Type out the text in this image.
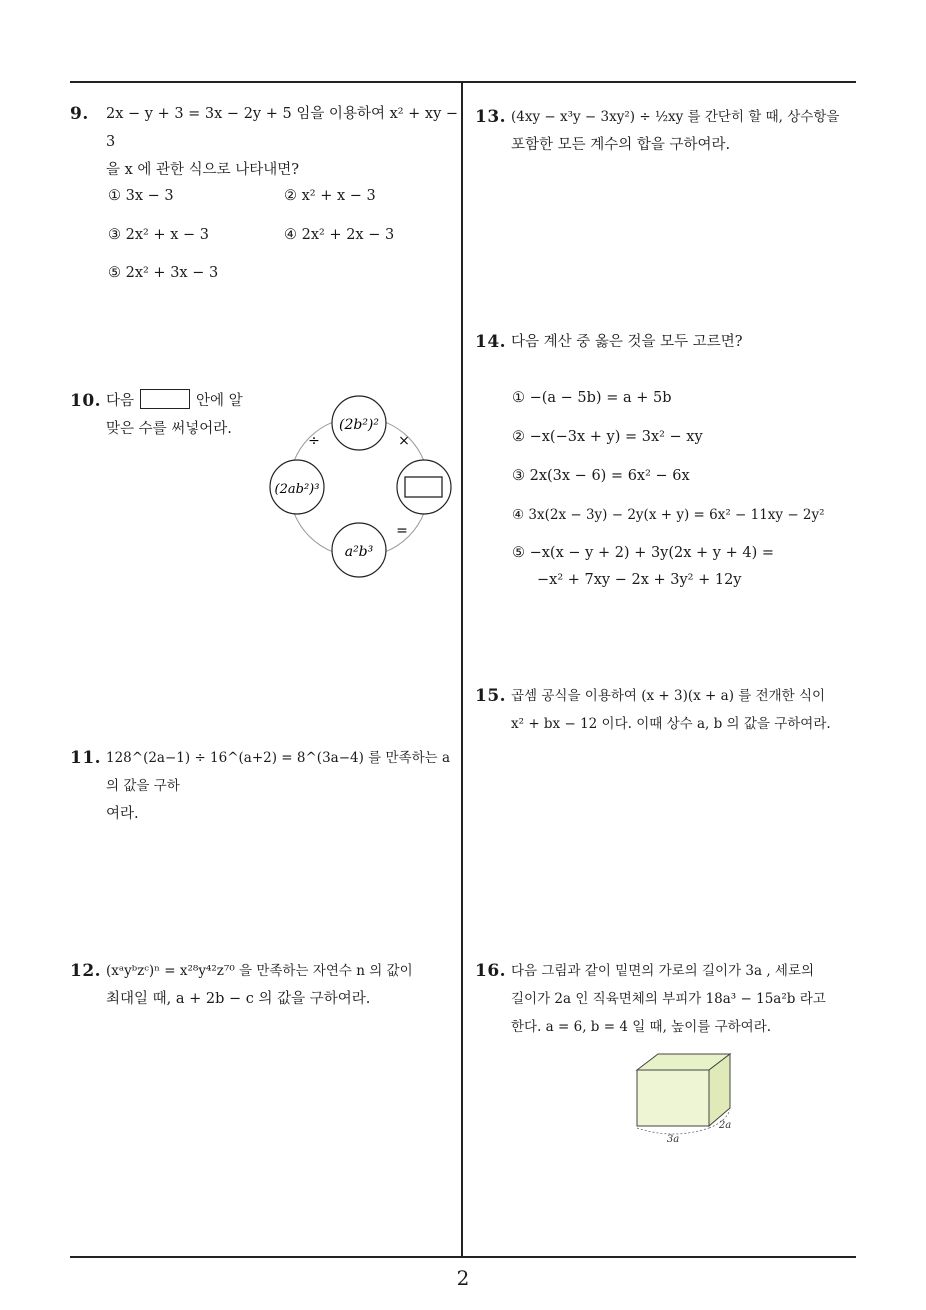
9. 2x − y + 3 = 3x − 2y + 5 임을 이용하여 x² + xy − 3
을 x 에 관한 식으로 나타내면?
① 3x − 3	② x² + x − 3
③ 2x² + x − 3	④ 2x² + 2x − 3
⑤ 2x² + 3x − 3
10. 다음	안에 알
맞은 수를 써넣어라.	(2b²)²
(2ab²)³
a²b³
÷	×
=
11. 128^(2a−1) ÷ 16^(a+2) = 8^(3a−4) 를 만족하는 a 의 값을 구하
여라.
12. (xᵃyᵇzᶜ)ⁿ = x²⁸y⁴²z⁷⁰ 을 만족하는 자연수 n 의 값이
최대일 때, a + 2b − c 의 값을 구하여라.
13. (4xy − x³y − 3xy²) ÷ ½xy 를 간단히 할 때, 상수항을
포함한 모든 계수의 합을 구하여라.
14. 다음 계산 중 옳은 것을 모두 고르면?
① −(a − 5b) = a + 5b
② −x(−3x + y) = 3x² − xy
③ 2x(3x − 6) = 6x² − 6x
④ 3x(2x − 3y) − 2y(x + y) = 6x² − 11xy − 2y²
⑤ −x(x − y + 2) + 3y(2x + y + 4) =
−x² + 7xy − 2x + 3y² + 12y
15. 곱셈 공식을 이용하여 (x + 3)(x + a) 를 전개한 식이
x² + bx − 12 이다. 이때 상수 a, b 의 값을 구하여라.
16. 다음 그림과 같이 밑면의 가로의 길이가 3a , 세로의
길이가 2a 인 직육면체의 부피가 18a³ − 15a²b 라고
한다. a = 6, b = 4 일 때, 높이를 구하여라.
3a
2a
2
